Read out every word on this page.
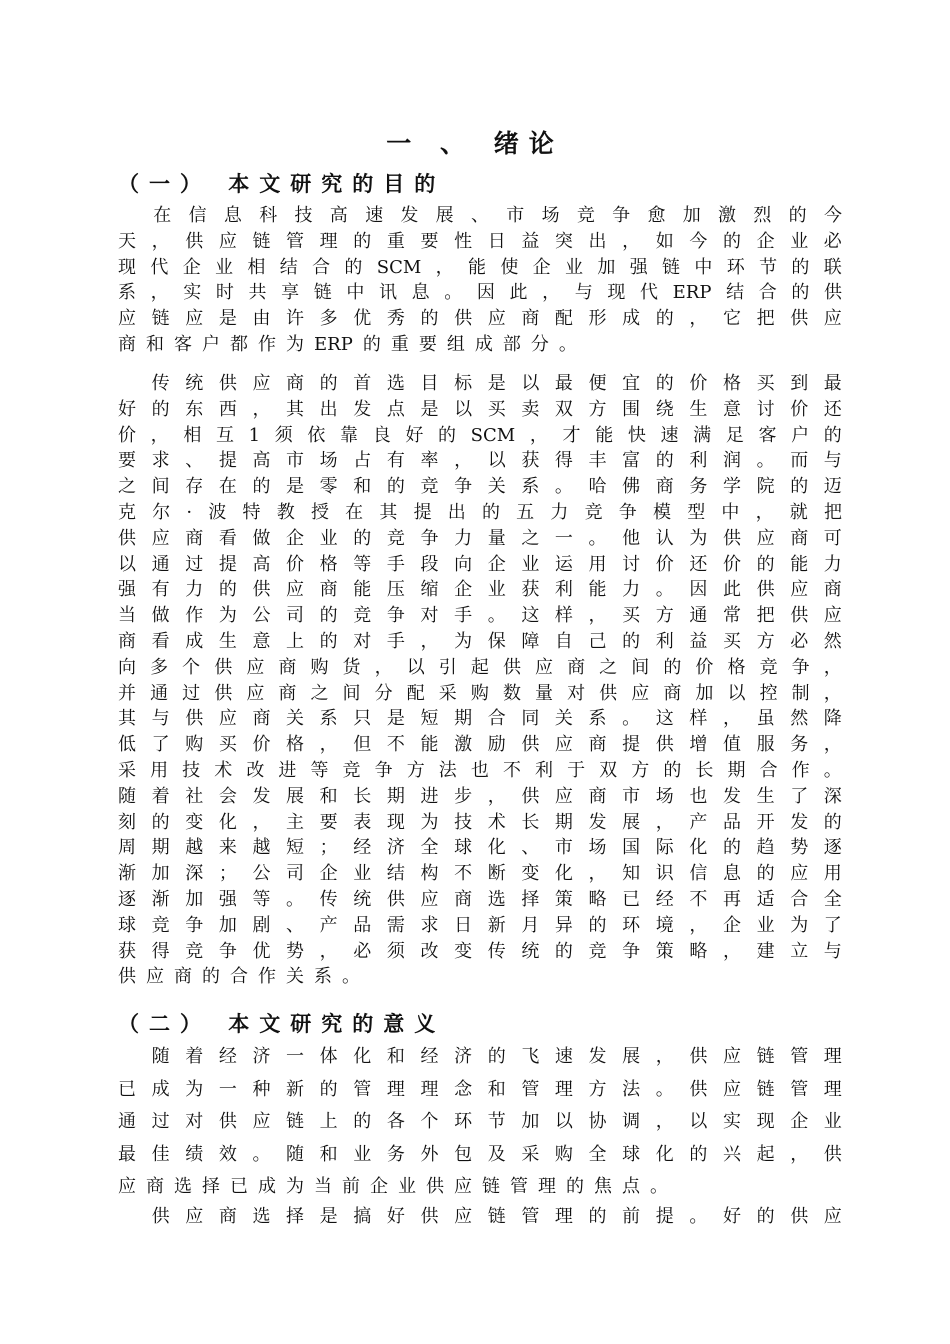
一 、 绪论
（一） 本文研究的目的

在 信 息 科 技 高 速 发 展 、 市 场 竞 争 愈 加 激 烈 的 今
天 ， 供 应 链 管 理 的 重 要 性 日 益 突 出 ， 如 今 的 企 业 必
现 代 企 业 相 结 合 的 SCM ， 能 使 企 业 加 强 链 中 环 节 的 联
系 ， 实 时 共 享 链 中 讯 息 。 因 此 ， 与 现 代 ERP 结 合 的 供
应 链 应 是 由 许 多 优 秀 的 供 应 商 配 形 成 的 ， 它 把 供 应
商 和 客 户 都 作 为 ERP 的 重 要 组 成 部 分 。

传 统 供 应 商 的 首 选 目 标 是 以 最 便 宜 的 价 格 买 到 最
好 的 东 西 ， 其 出 发 点 是 以 买 卖 双 方 围 绕 生 意 讨 价 还
价 ， 相 互 1 须 依 靠 良 好 的 SCM ， 才 能 快 速 满 足 客 户 的
要 求 、 提 高 市 场 占 有 率 ， 以 获 得 丰 富 的 利 润 。 而 与
之 间 存 在 的 是 零 和 的 竞 争 关 系 。 哈 佛 商 务 学 院 的 迈
克 尔 · 波 特 教 授 在 其 提 出 的 五 力 竞 争 模 型 中 ， 就 把
供 应 商 看 做 企 业 的 竞 争 力 量 之 一 。 他 认 为 供 应 商 可
以 通 过 提 高 价 格 等 手 段 向 企 业 运 用 讨 价 还 价 的 能 力
强 有 力 的 供 应 商 能 压 缩 企 业 获 利 能 力 。 因 此 供 应 商
当 做 作 为 公 司 的 竞 争 对 手 。 这 样 ， 买 方 通 常 把 供 应
商 看 成 生 意 上 的 对 手 ， 为 保 障 自 己 的 利 益 买 方 必 然
向 多 个 供 应 商 购 货 ， 以 引 起 供 应 商 之 间 的 价 格 竞 争 ，
并 通 过 供 应 商 之 间 分 配 采 购 数 量 对 供 应 商 加 以 控 制 ，
其 与 供 应 商 关 系 只 是 短 期 合 同 关 系 。 这 样 ， 虽 然 降
低 了 购 买 价 格 ， 但 不 能 激 励 供 应 商 提 供 增 值 服 务 ，
采 用 技 术 改 进 等 竞 争 方 法 也 不 利 于 双 方 的 长 期 合 作 。
随 着 社 会 发 展 和 长 期 进 步 ， 供 应 商 市 场 也 发 生 了 深
刻 的 变 化 ， 主 要 表 现 为 技 术 长 期 发 展 ， 产 品 开 发 的
周 期 越 来 越 短 ； 经 济 全 球 化 、 市 场 国 际 化 的 趋 势 逐
渐 加 深 ； 公 司 企 业 结 构 不 断 变 化 ， 知 识 信 息 的 应 用
逐 渐 加 强 等 。 传 统 供 应 商 选 择 策 略 已 经 不 再 适 合 全
球 竞 争 加 剧 、 产 品 需 求 日 新 月 异 的 环 境 ， 企 业 为 了
获 得 竞 争 优 势 ， 必 须 改 变 传 统 的 竞 争 策 略 ， 建 立 与
供 应 商 的 合 作 关 系 。
（二） 本文研究的意义

随 着 经 济 一 体 化 和 经 济 的 飞 速 发 展 ， 供 应 链 管 理
已 成 为 一 种 新 的 管 理 理 念 和 管 理 方 法 。 供 应 链 管 理
通 过 对 供 应 链 上 的 各 个 环 节 加 以 协 调 ， 以 实 现 企 业
最 佳 绩 效 。 随 和 业 务 外 包 及 采 购 全 球 化 的 兴 起 ， 供
应 商 选 择 已 成 为 当 前 企 业 供 应 链 管 理 的 焦 点 。

供 应 商 选 择 是 搞 好 供 应 链 管 理 的 前 提 。 好 的 供 应
